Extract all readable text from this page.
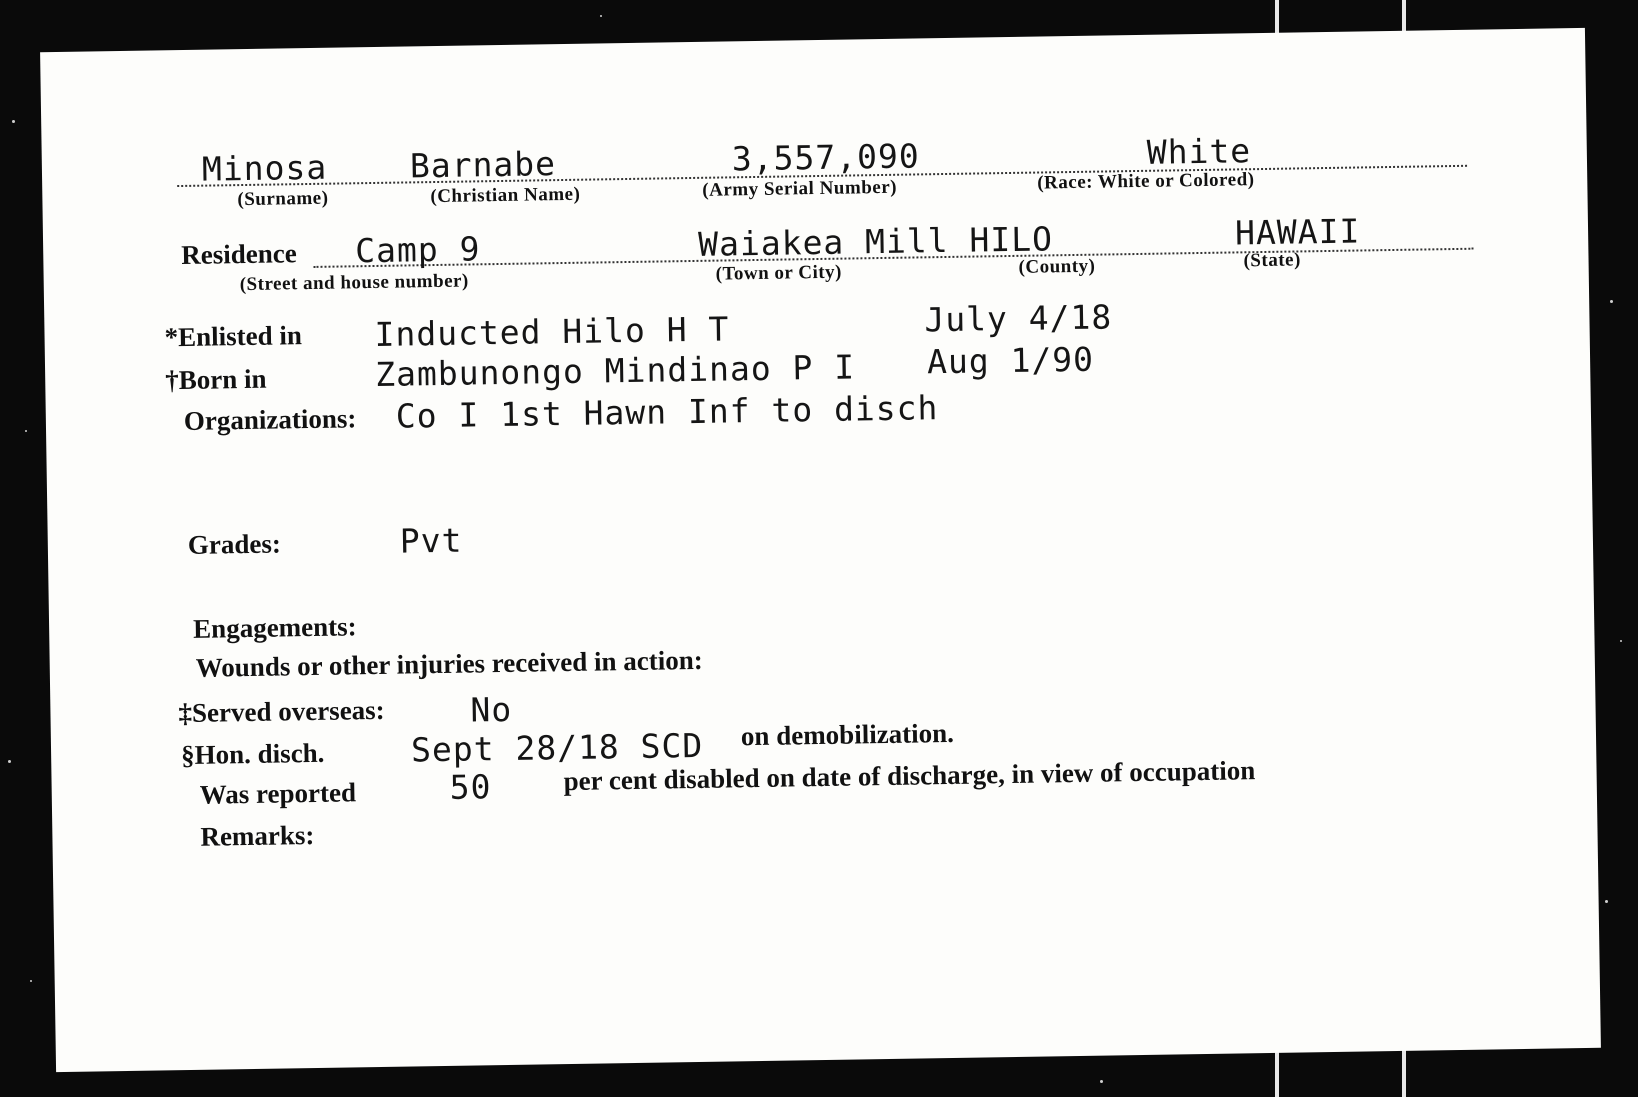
Minosa
(Surname)
Barnabe
(Christian Name)
3,557,090
(Army Serial Number)
White
(Race: White or Colored)
Residence Camp 9
(Street and house number)
Waiakea Mill HILO
(Town or City)	(County)
HAWAII
(State)
*Enlisted in Inducted Hilo H T	July 4/18
†Born in	Zambunongo Mindinao P I Aug 1/90
Organizations: Co I 1st Hawn Inf to disch
Grades:	Pvt
Engagements:
Wounds or other injuries received in action:
‡Served overseas:	No
§Hon. disch.	Sept 28/18 SCD on demobilization.
Was reported	50	per cent disabled on date of discharge, in view of occupation
Remarks:
